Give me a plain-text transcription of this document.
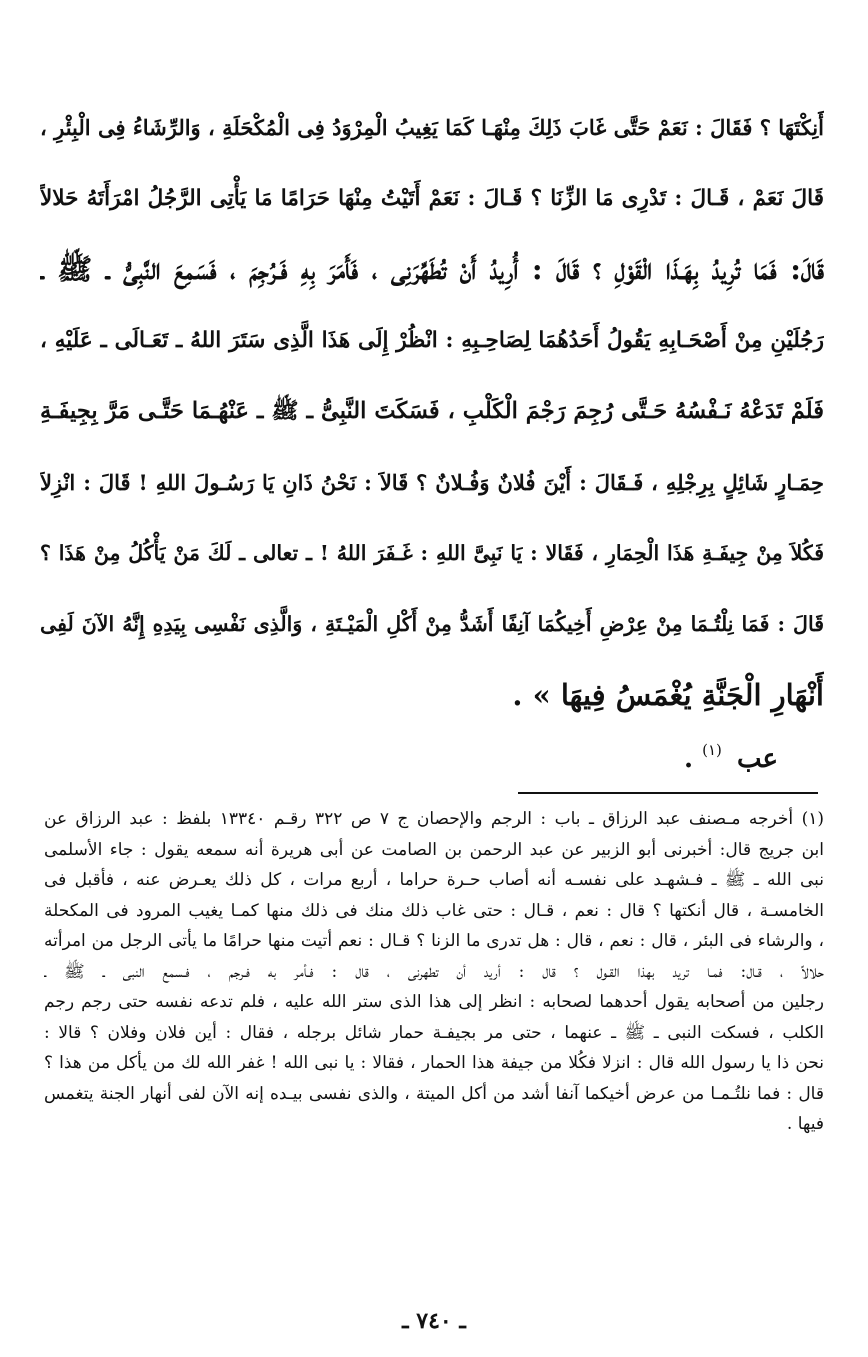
أَنِكْتَهَا ؟ فَقَالَ : نَعَمْ حَتَّى غَابَ ذَلِكَ مِنْهَـا كَمَا يَغِيبُ الْمِرْوَدُ فِى الْمُكْحَلَةِ ، وَالرِّشَاءُ فِى الْبِئْرِ ،
قَالَ نَعَمْ ، قَـالَ : تَدْرِى مَا الزِّنَا ؟ قَـالَ : نَعَمْ أَتَيْتُ مِنْهَا حَرَامًا مَا يَأْتِى الرَّجُلُ امْرَأَتَهُ حَلالاً
قَالَ: فَمَا تُرِيدُ بِهَـذَا الْقَوْلِ ؟ قَالَ : أُرِيدُ أَنْ تُطَهِّرَنِى ، فَأَمَرَ بِهِ فَـرُجِمَ ، فَسَمِعَ النَّبِىُّ ـ ﷺ ـ
رَجُلَيْنِ مِنْ أَصْحَـابِهِ يَقُولُ أَحَدُهُمَا لِصَاحِـبِهِ : انْظُرْ إِلَى هَذَا الَّذِى سَتَرَ اللهُ ـ تَعَـالَى ـ عَلَيْهِ ،
فَلَمْ تَدَعْهُ نَـفْسُهُ حَـتَّى رُجِمَ رَجْمَ الْكَلْبِ ، فَسَكَتَ النَّبِىُّ ـ ﷺ ـ عَنْهُـمَا حَتَّـى مَرَّ بِجِيفَـةِ
حِمَـارٍ شَائِلٍ بِرِجْلِهِ ، فَـقَالَ : أَيْنَ فُلانٌ وَفُـلانٌ ؟ قَالاَ : نَحْنُ ذَانِ يَا رَسُـولَ اللهِ ! قَالَ : انْزِلاَ
فَكُلاَ مِنْ جِيفَـةِ هَذَا الْحِمَارِ ، فَقَالا : يَا نَبِىَّ اللهِ : غَـفَرَ اللهُ ! ـ تعالى ـ لَكَ مَنْ يَأْكُلُ مِنْ هَذَا ؟
قَالَ : فَمَا نِلْتُـمَا مِنْ عِرْضِ أَخِيكُمَا آنِفًا أَشَدُّ مِنْ أَكْلِ الْمَيْـتَةِ ، وَالَّذِى نَفْسِى بِيَدِهِ إِنَّهُ الآنَ لَفِى
أَنْهَارِ الْجَنَّةِ يُغْمَسُ فِيهَا » .
عب $^{(١)}$ .
(١) أخرجه مـصنف عبد الرزاق ـ باب : الرجم والإحصان ج ٧ ص ٣٢٢ رقـم ١٣٣٤٠ بلفظ : عبد الرزاق عن
ابن جريج قال: أخبرنى أبو الزبير عن عبد الرحمن بن الصامت عن أبى هريرة أنه سمعه يقول : جاء الأسلمى
نبى الله ـ ﷺ ـ فـشهـد على نفسـه أنه أصاب حـرة حراما ، أربع مرات ، كل ذلك يعـرض عنه ، فأقبل فى
الخامسـة ، قال أنكتها ؟ قال : نعم ، قـال : حتى غاب ذلك منك فى ذلك منها كمـا يغيب المرود فى المكحلة
، والرشاء فى البئر ، قال : نعم ، قال : هل تدرى ما الزنا ؟ قـال : نعم أتيت منها حرامًا ما يأتى الرجل من امرأته
حلالاً ، قـال: فمـا تريد بهذا القـول ؟ قال : أريد أن تطهرنى ، قال : فـأمر به فـرجم ، فـسمع النبى ـ ﷺ ـ
رجلين من أصحابه يقول أحدهما لصحابه : انظر إلى هذا الذى ستر الله عليه ، فلم تدعه نفسه حتى رجم رجم
الكلب ، فسكت النبى ـ ﷺ ـ عنهما ، حتى مر بجيفـة حمار شائل برجله ، فقال : أين فلان وفلان ؟ قالا :
نحن ذا يا رسول الله قال : انزلا فكُلا من جيفة هذا الحمار ، فقالا : يا نبى الله ! غفر الله لك من يأكل من هذا ؟
قال : فما نلتُـمـا من عرض أخيكما آنفا أشد من أكل الميتة ، والذى نفسى بيـده إنه الآن لفى أنهار الجنة يتغمس
فيها .
ـ ٧٤٠ ـ
